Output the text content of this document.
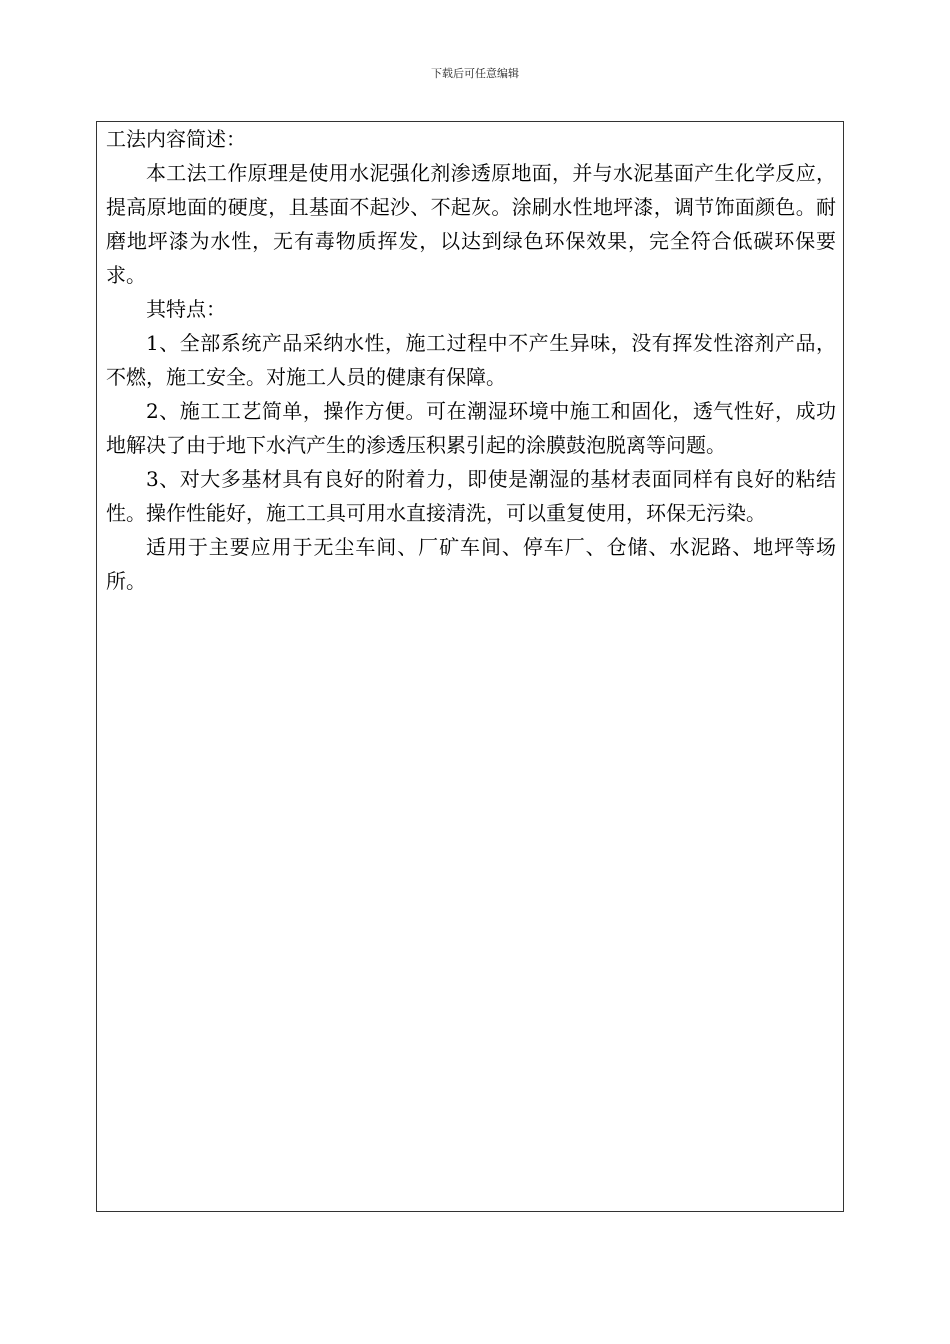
下载后可任意编辑

工法内容简述：

本工法工作原理是使用水泥强化剂渗透原地面，并与水泥基面产生化学反应，提高原地面的硬度，且基面不起沙、不起灰。涂刷水性地坪漆，调节饰面颜色。耐磨地坪漆为水性，无有毒物质挥发，以达到绿色环保效果，完全符合低碳环保要求。

其特点：

1、全部系统产品采纳水性，施工过程中不产生异味，没有挥发性溶剂产品，不燃，施工安全。对施工人员的健康有保障。

2、施工工艺简单，操作方便。可在潮湿环境中施工和固化，透气性好，成功地解决了由于地下水汽产生的渗透压积累引起的涂膜鼓泡脱离等问题。

3、对大多基材具有良好的附着力，即使是潮湿的基材表面同样有良好的粘结性。操作性能好，施工工具可用水直接清洗，可以重复使用，环保无污染。

适用于主要应用于无尘车间、厂矿车间、停车厂、仓储、水泥路、地坪等场所。
